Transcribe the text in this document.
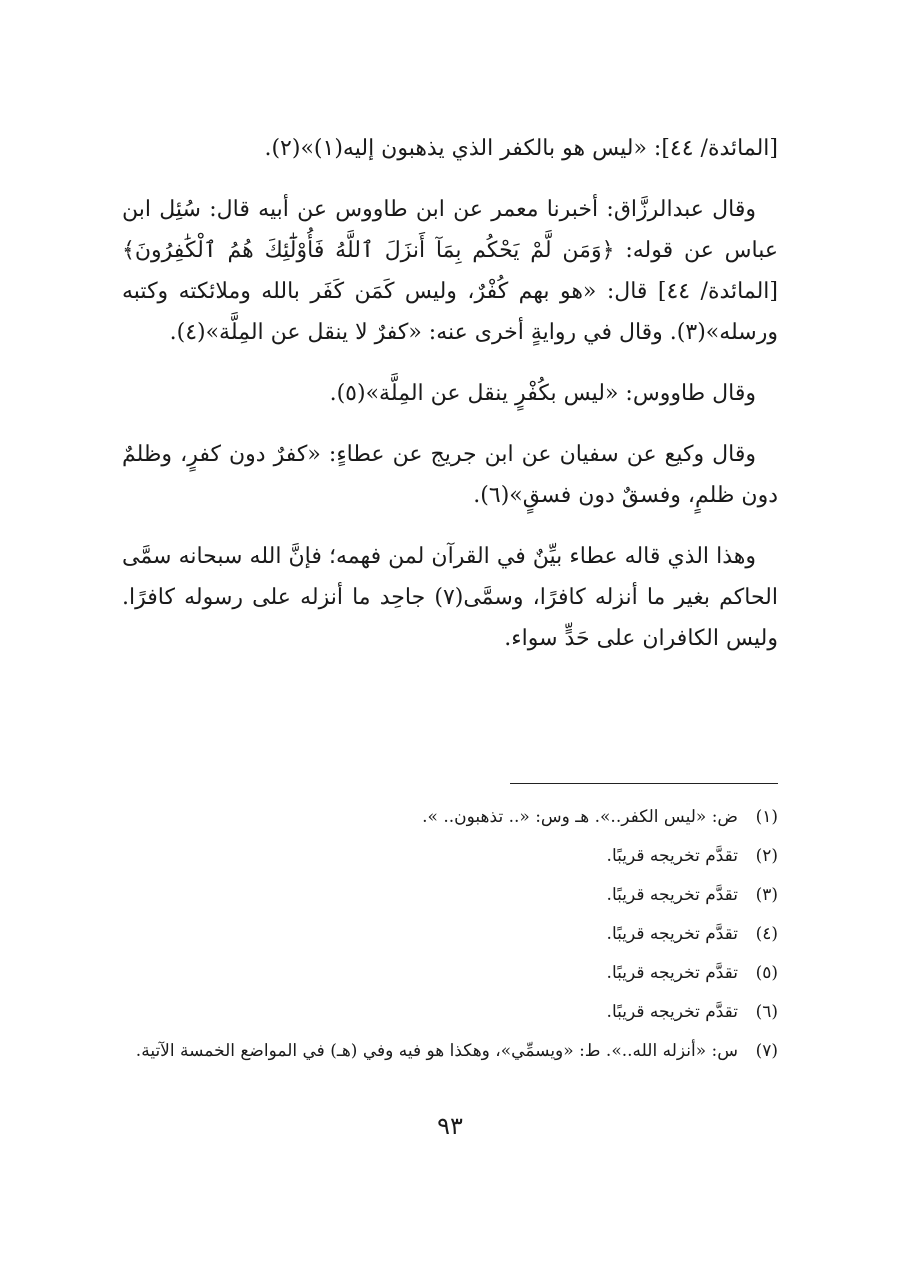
[المائدة/ ٤٤]: «ليس هو بالكفر الذي يذهبون إليه(١)»(٢).

وقال عبدالرزَّاق: أخبرنا معمر عن ابن طاووس عن أبيه قال: سُئِل ابن عباس عن قوله: ﴿وَمَن لَّمْ يَحْكُم بِمَآ أَنزَلَ ٱللَّهُ فَأُوْلَٰٓئِكَ هُمُ ٱلْكَٰفِرُونَ﴾ [المائدة/ ٤٤] قال: «هو بهم كُفْرٌ، وليس كَمَن كَفَر بالله وملائكته وكتبه ورسله»(٣). وقال في روايةٍ أخرى عنه: «كفرٌ لا ينقل عن المِلَّة»(٤).

وقال طاووس: «ليس بكُفْرٍ ينقل عن المِلَّة»(٥).

وقال وكيع عن سفيان عن ابن جريج عن عطاءٍ: «كفرٌ دون كفرٍ، وظلمٌ دون ظلمٍ، وفسقٌ دون فسقٍ»(٦).

وهذا الذي قاله عطاء بيِّنٌ في القرآن لمن فهمه؛ فإنَّ الله سبحانه سمَّى الحاكم بغير ما أنزله كافرًا، وسمَّى(٧) جاحِد ما أنزله على رسوله كافرًا. وليس الكافران على حَدٍّ سواء.

(١)
ض: «ليس الكفر..». هـ وس: «.. تذهبون.. ».
(٢)
تقدَّم تخريجه قريبًا.
(٣)
تقدَّم تخريجه قريبًا.
(٤)
تقدَّم تخريجه قريبًا.
(٥)
تقدَّم تخريجه قريبًا.
(٦)
تقدَّم تخريجه قريبًا.
(٧)
س: «أنزله الله..». ط: «ويسمِّي»، وهكذا هو فيه وفي (هـ) في المواضع الخمسة الآتية.
٩٣
